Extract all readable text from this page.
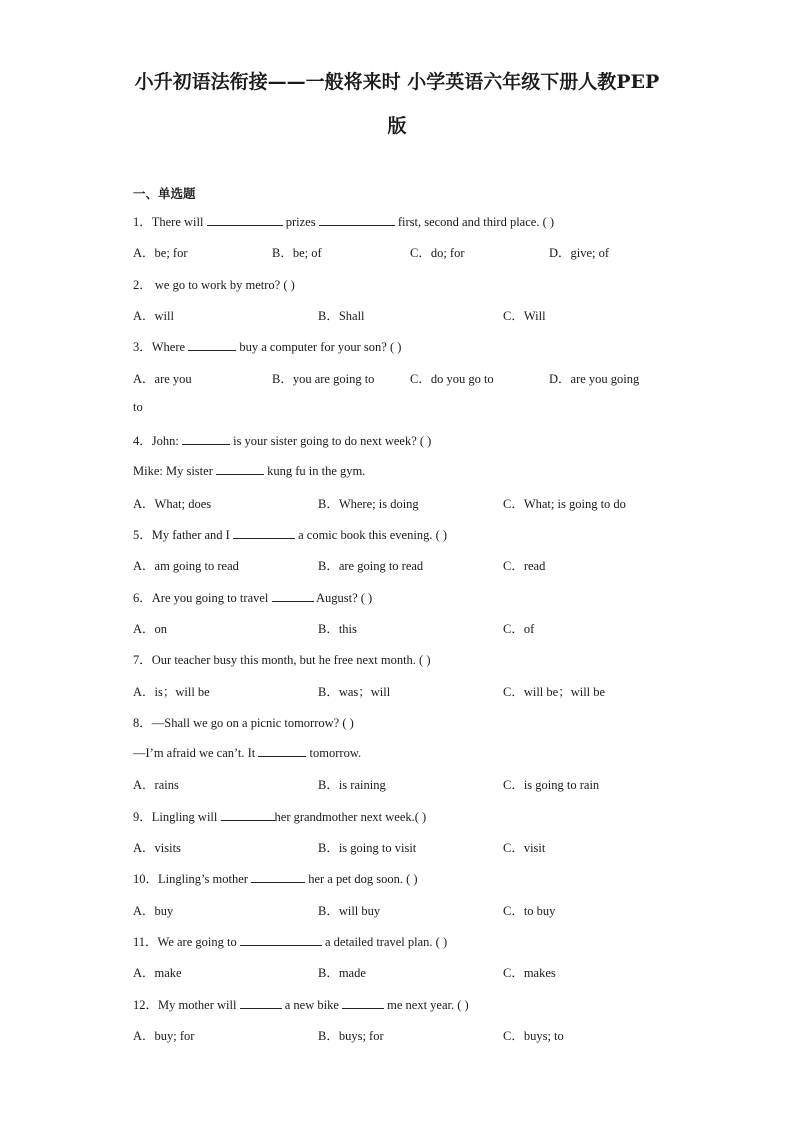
小升初语法衔接——一般将来时 小学英语六年级下册人教PEP
版
一、单选题
1．There will	prizes	first, second and third place. ( )
A．be; for	B．be; of	C．do; for	D．give; of
2． we go to work by metro? ( )
A．will	B．Shall	C．Will
3．Where	buy a computer for your son? ( )
A．are you	B．you are going to	C．do you go to	D．are you going
to
4．John:	is your sister going to do next week? ( )
Mike: My sister	kung fu in the gym.
A．What; does	B．Where; is doing	C．What; is going to do
5．My father and I	a comic book this evening. ( )
A．am going to read	B．are going to read	C．read
6．Are you going to travel	August? ( )
A．on	B．this	C．of
7．Our teacher busy this month, but he free next month. ( )
A．is；will be	B．was；will	C．will be；will be
8．—Shall we go on a picnic tomorrow? ( )
—I’m afraid we can’t. It	tomorrow.
A．rains	B．is raining	C．is going to rain
9．Lingling will	her grandmother next week.( )
A．visits	B．is going to visit	C．visit
10．Lingling’s mother	her a pet dog soon. ( )
A．buy	B．will buy	C．to buy
11．We are going to	a detailed travel plan. ( )
A．make	B．made	C．makes
12．My mother will	a new bike	me next year. ( )
A．buy; for	B．buys; for	C．buys; to
